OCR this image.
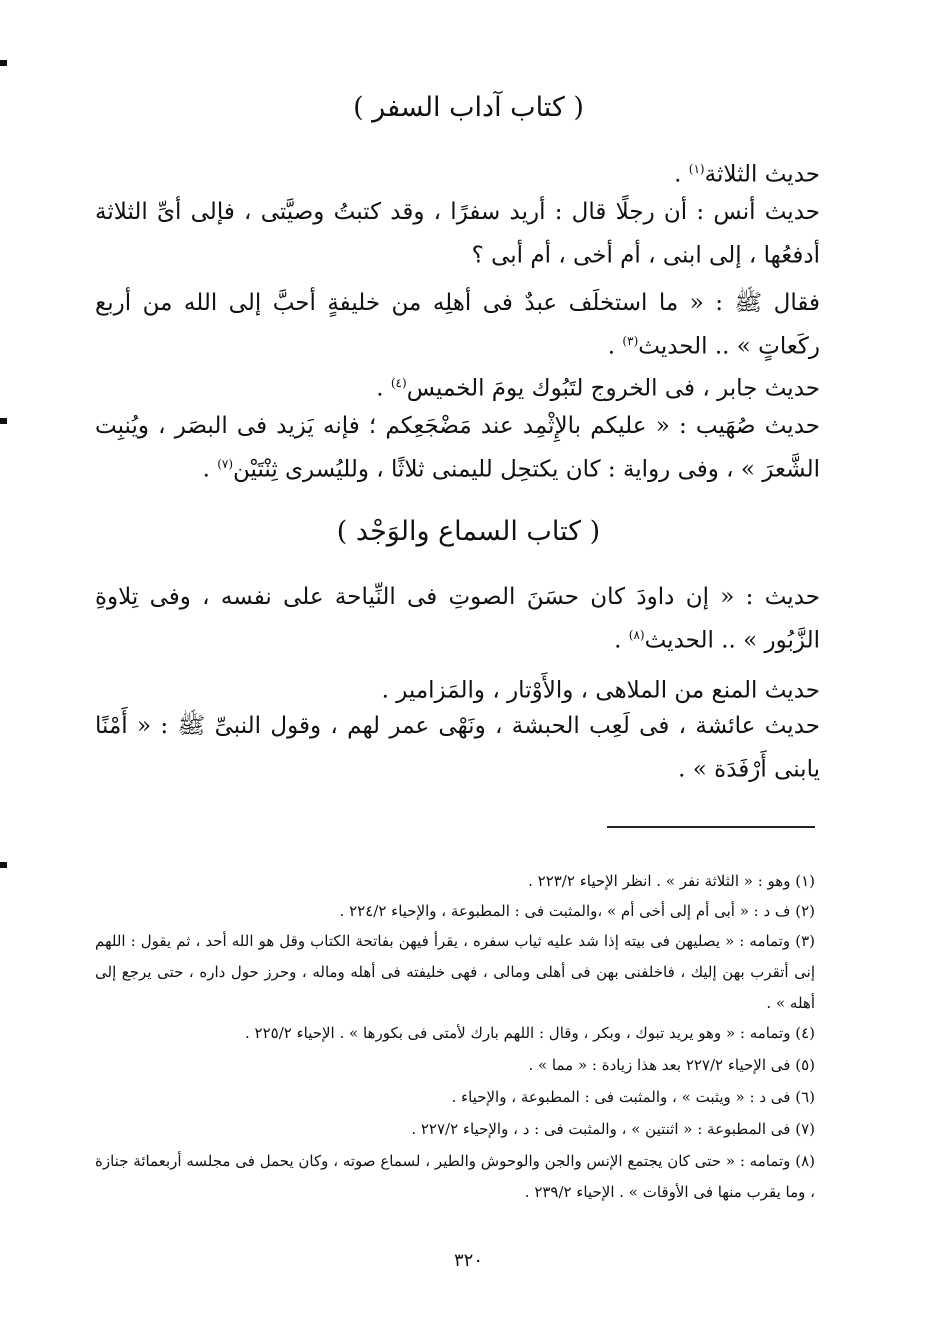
( كتاب آداب السفر )
حديث الثلاثة$^{(١)}$ .
حديث أنس : أن رجلًا قال : أريد سفرًا ، وقد كتبتُ وصيَّتى ، فإلى أىِّ الثلاثة أدفعُها ، إلى ابنى ، أم أخى ، أم أبى ؟
فقال ﷺ : « ما استخلَف عبدٌ فى أهلِه من خليفةٍ أحبَّ إلى الله من أربع ركَعاتٍ » .. الحديث$^{(٣)}$ .
حديث جابر ، فى الخروج لتَبُوك يومَ الخميس$^{(٤)}$ .
حديث صُهَيب : « عليكم بالإِثْمِد عند مَضْجَعِكم ؛ فإنه يَزيد فى البصَر ، ويُنبِت الشَّعرَ » ، وفى رواية : كان يكتحِل لليمنى ثلاثًا ، ولليُسرى ثِنْتَيْن$^{(٧)}$ .
( كتاب السماع والوَجْد )
حديث : « إن داودَ كان حسَنَ الصوتِ فى النِّياحة على نفسه ، وفى تِلاوةِ الزَّبُور » .. الحديث$^{(٨)}$ .
حديث المنع من الملاهى ، والأَوْتار ، والمَزامير .
حديث عائشة ، فى لَعِب الحبشة ، ونَهْى عمر لهم ، وقول النبىِّ ﷺ : « أَمْنًا يابنى أَرْفَدَة » .
(١) وهو : « الثلاثة نفر » . انظر الإحياء ٢٢٣/٢ .
(٢) ف د : « أبى أم إلى أخى أم » ،والمثبت فى : المطبوعة ، والإحياء ٢٢٤/٢ .
(٣) وتمامه : « يصليهن فى بيته إذا شد عليه ثياب سفره ، يقرأ فيهن بفاتحة الكتاب وقل هو الله أحد ، ثم يقول : اللهم إنى أتقرب بهن إليك ، فاخلفنى بهن فى أهلى ومالى ، فهى خليفته فى أهله وماله ، وحرز حول داره ، حتى يرجع إلى أهله » .
(٤) وتمامه : « وهو يريد تبوك ، وبكر ، وقال : اللهم بارك لأمتى فى بكورها » . الإحياء ٢٢٥/٢ .
(٥) فى الإحياء ٢٢٧/٢ بعد هذا زيادة : « مما » .
(٦) فى د : « ويثبت » ، والمثبت فى : المطبوعة ، والإحياء .
(٧) فى المطبوعة : « اثنتين » ، والمثبت فى : د ، والإحياء ٢٢٧/٢ .
(٨) وتمامه : « حتى كان يجتمع الإنس والجن والوحوش والطير ، لسماع صوته ، وكان يحمل فى مجلسه أربعمائة جنازة ، وما يقرب منها فى الأوقات » . الإحياء ٢٣٩/٢ .
٣٢٠
